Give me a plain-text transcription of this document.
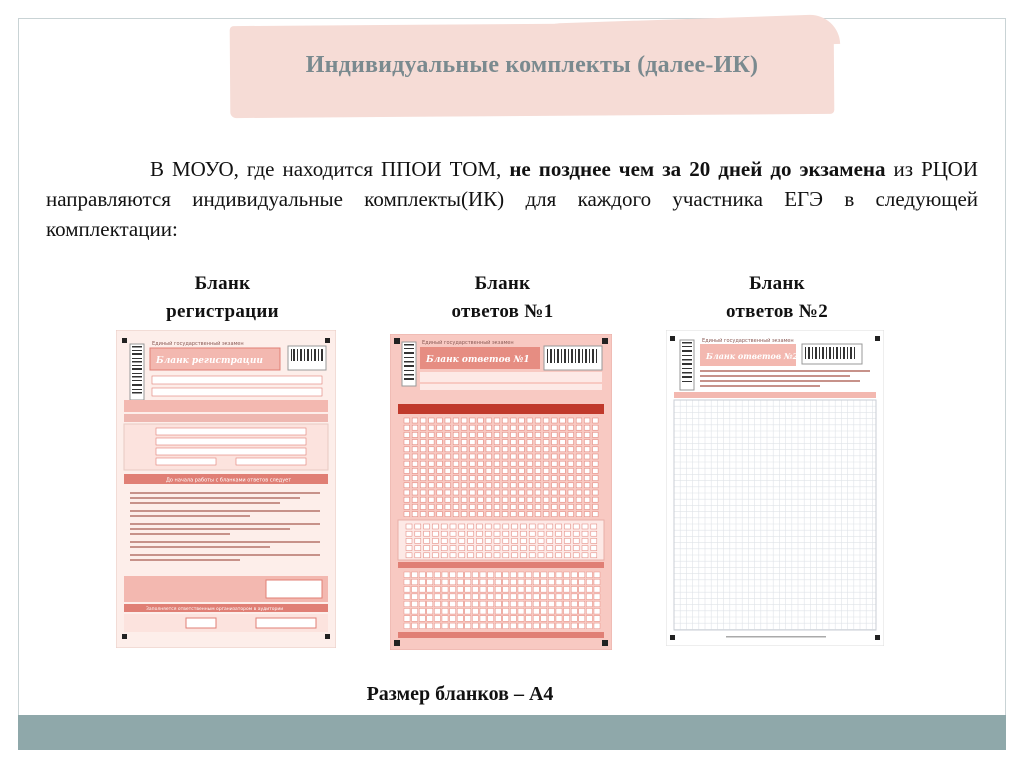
Индивидуальные комплекты (далее-ИК)
В МОУО, где находится ППОИ ТОМ, не позднее чем за 20 дней до экзамена из РЦОИ направляются индивидуальные комплекты(ИК) для каждого участника ЕГЭ в следующей комплектации:
Бланк
регистрации
Бланк
ответов №1
Бланк
ответов №2
Единый государственный экзамен
Бланк регистрации
До начала работы с бланками ответов следует
Заполняется ответственным организатором в аудитории
Единый государственный экзамен
Бланк ответов №1
Единый государственный экзамен
Бланк ответов №2
Размер бланков – А4
